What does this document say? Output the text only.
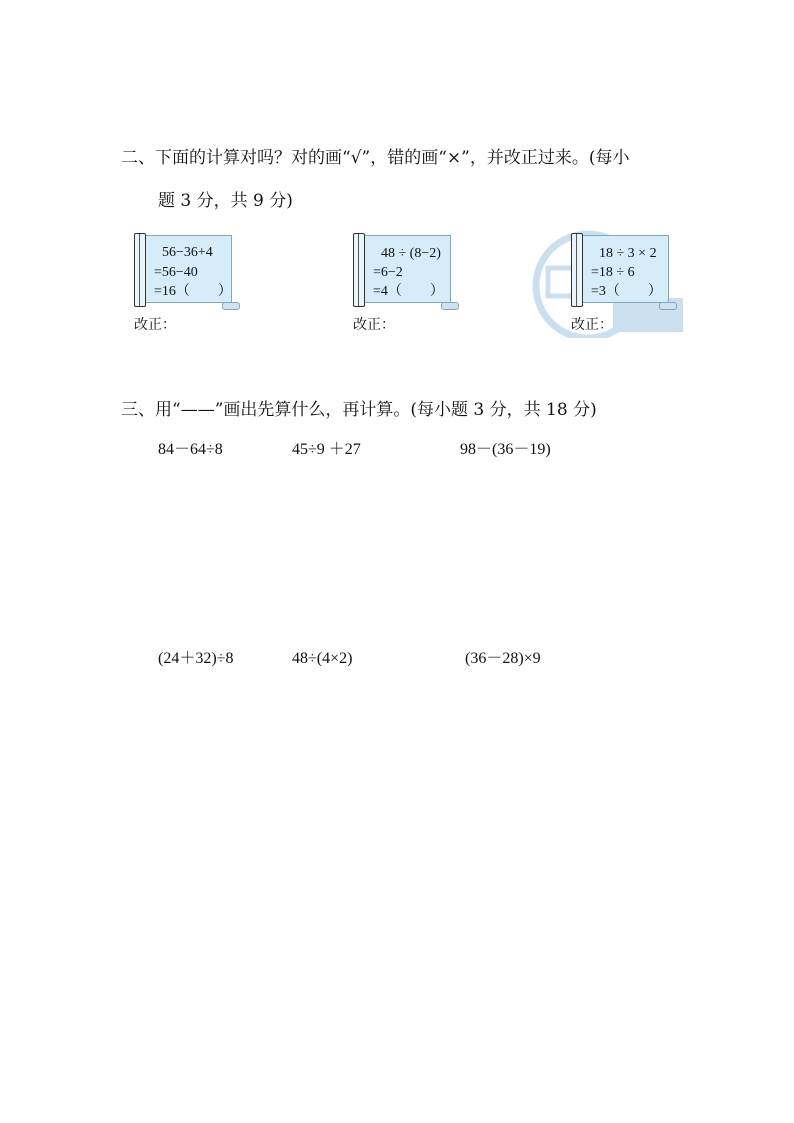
二、下面的计算对吗？对的画“√”，错的画“×”，并改正过来。(每小
题 3 分，共 9 分)
56−36+4
=56−40
=16（　　）
改正：
48 ÷ (8−2)
=6−2
=4（　　）
改正：
18 ÷ 3 × 2
=18 ÷ 6
=3（　　）
改正：
三、用“——”画出先算什么，再计算。(每小题 3 分，共 18 分)
84－64÷8	45÷9 ＋27	98－(36－19)
(24＋32)÷8	48÷(4×2)	(36－28)×9
